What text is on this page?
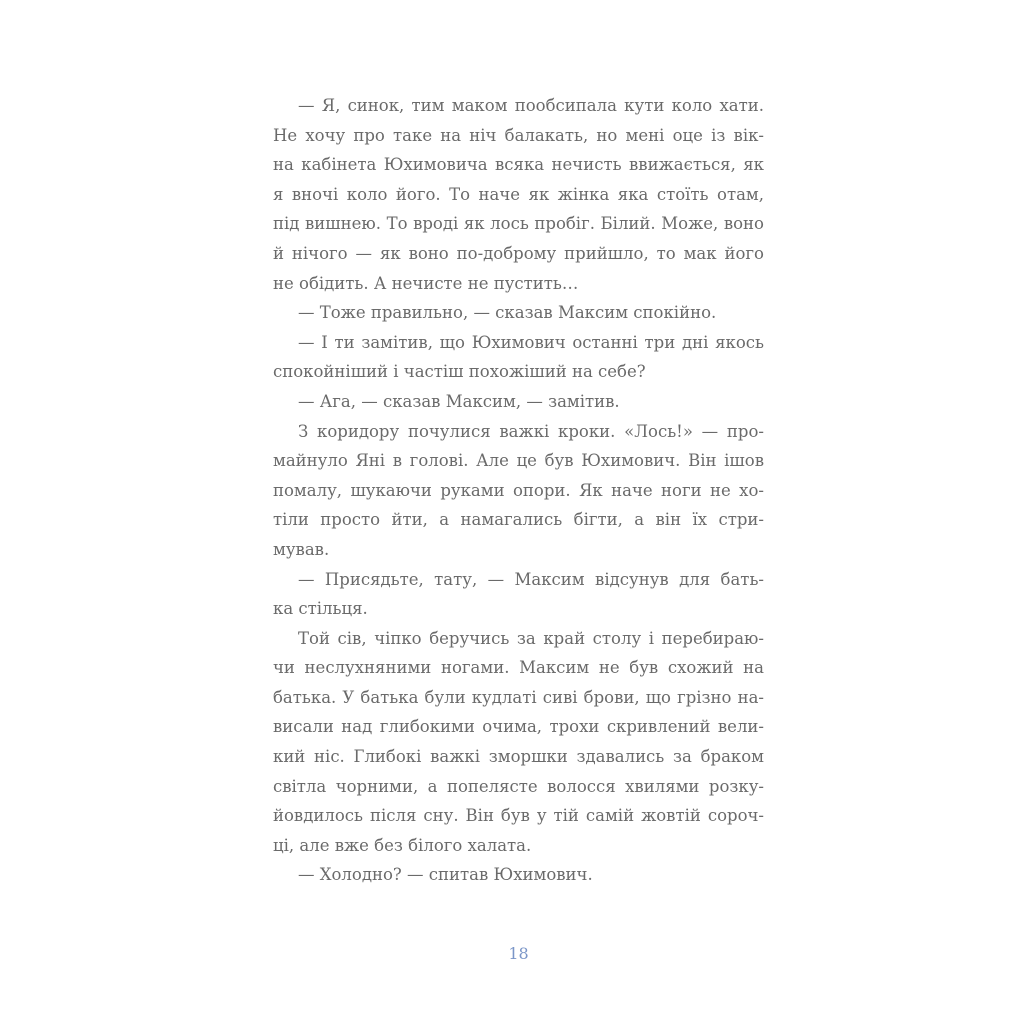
— Я, синок, тим маком пообсипала кути коло хати.
Не хочу про таке на ніч балакать, но мені оце із вік-
на кабінета Юхимовича всяка нечисть ввижається, як
я вночі коло його. То наче як жінка яка стоїть отам,
під вишнею. То вроді як лось пробіг. Білий. Може, воно
й нічого — як воно по-доброму прийшло, то мак його
не обідить. А нечисте не пустить…
— Тоже правильно, — сказав Максим спокійно.
— І ти замітив, що Юхимович останні три дні якось
спокойніший і частіш похожіший на себе?
— Ага, — сказав Максим, — замітив.
З коридору почулися важкі кроки. «Лось!» — про-
майнуло Яні в голові. Але це був Юхимович. Він ішов
помалу, шукаючи руками опори. Як наче ноги не хо-
тіли просто йти, а намагались бігти, а він їх стри-
мував.
— Присядьте, тату, — Максим відсунув для бать-
ка стільця.
Той сів, чіпко беручись за край столу і перебираю-
чи неслухняними ногами. Максим не був схожий на
батька. У батька були кудлаті сиві брови, що грізно на-
висали над глибокими очима, трохи скривлений вели-
кий ніс. Глибокі важкі зморшки здавались за браком
світла чорними, а попелясте волосся хвилями розку-
йовдилось після сну. Він був у тій самій жовтій сороч-
ці, але вже без білого халата.
— Холодно? — спитав Юхимович.
18
